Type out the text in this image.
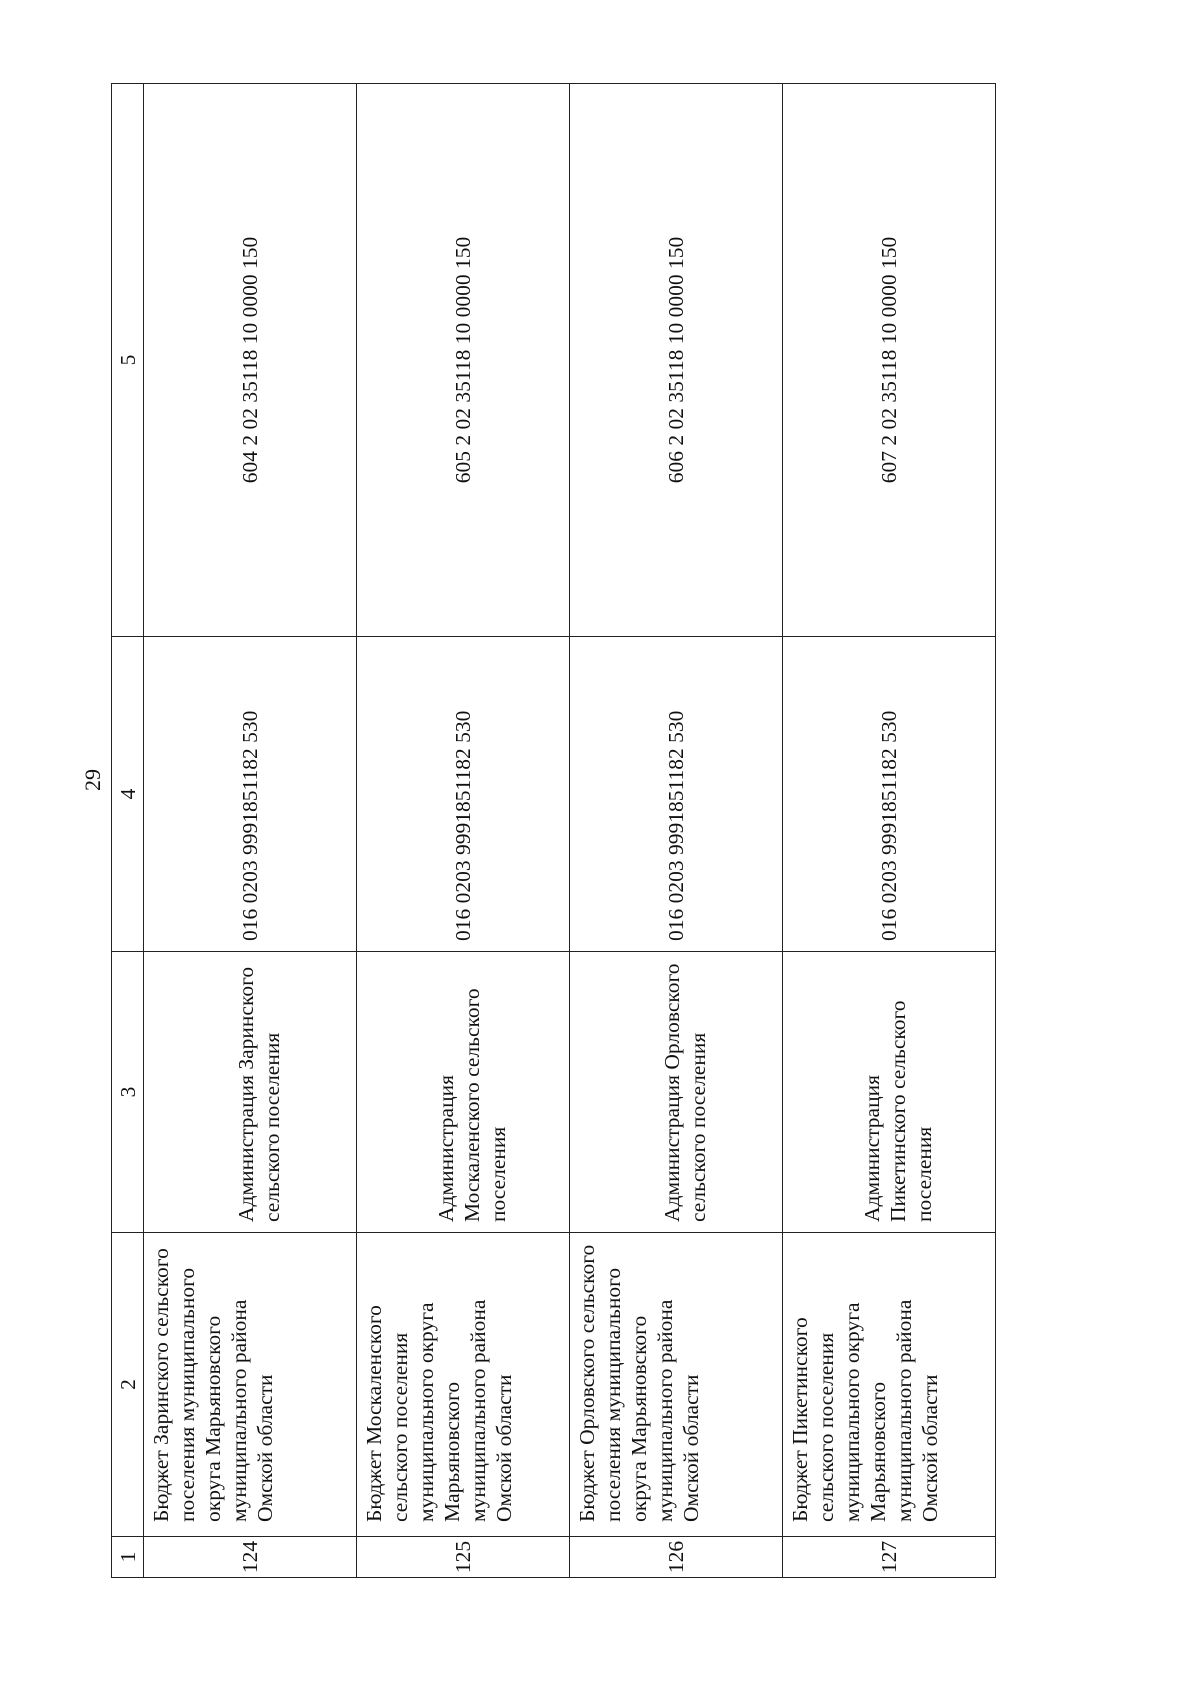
29
1	2	3	4	5
124	Бюджет Заринского сельского поселения муниципального округа Марьяновского муниципального района Омской области	Администрация Заринского сельского поселения	016 0203 9991851182 530	604 2 02 35118 10 0000 150
125	Бюджет Москаленского сельского поселения муниципального округа Марьяновского муниципального района Омской области	Администрация Москаленского сельского поселения	016 0203 9991851182 530	605 2 02 35118 10 0000 150
126	Бюджет Орловского сельского поселения муниципального округа Марьяновского муниципального района Омской области	Администрация Орловского сельского поселения	016 0203 9991851182 530	606 2 02 35118 10 0000 150
127	Бюджет Пикетинского сельского поселения муниципального округа Марьяновского муниципального района Омской области	Администрация Пикетинского сельского поселения	016 0203 9991851182 530	607 2 02 35118 10 0000 150
